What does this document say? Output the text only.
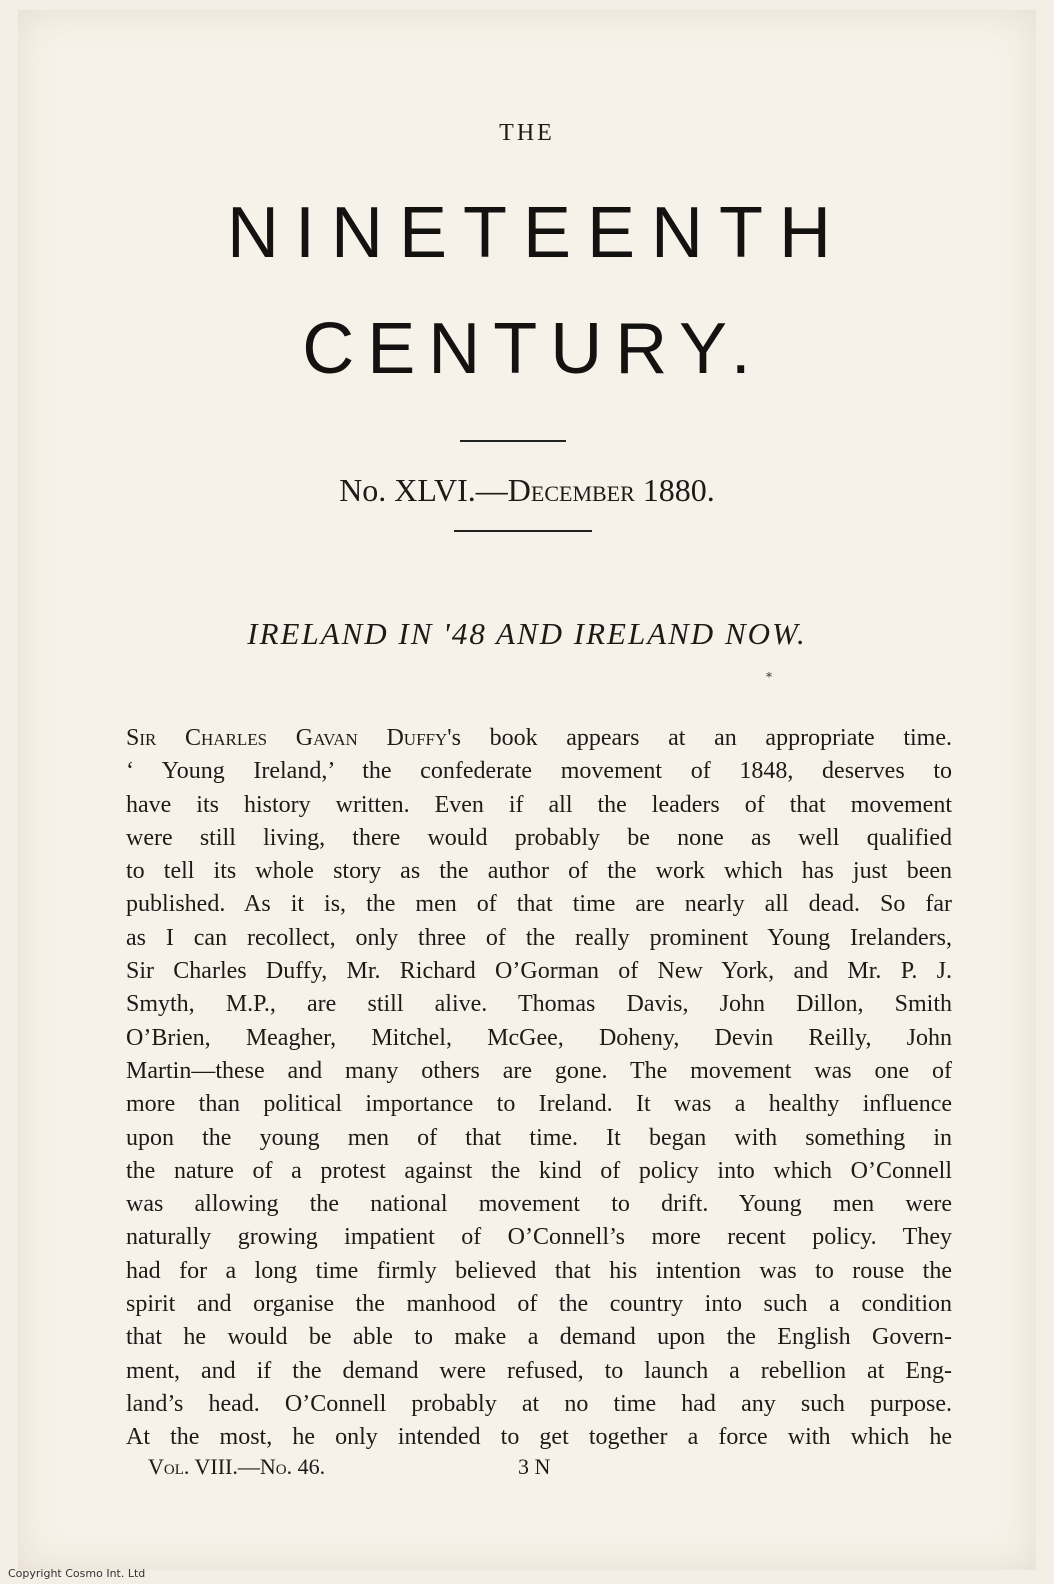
THE
NINETEENTH
CENTURY.
No. XLVI.—December 1880.
IRELAND IN '48 AND IRELAND NOW.
*
Sir Charles Gavan Duffy's book appears at an appropriate time.
‘ Young Ireland,’ the confederate movement of 1848, deserves to
have its history written. Even if all the leaders of that movement
were still living, there would probably be none as well qualified
to tell its whole story as the author of the work which has just been
published. As it is, the men of that time are nearly all dead. So far
as I can recollect, only three of the really prominent Young Irelanders,
Sir Charles Duffy, Mr. Richard O’Gorman of New York, and Mr. P. J.
Smyth, M.P., are still alive. Thomas Davis, John Dillon, Smith
O’Brien, Meagher, Mitchel, McGee, Doheny, Devin Reilly, John
Martin—these and many others are gone. The movement was one of
more than political importance to Ireland. It was a healthy influence
upon the young men of that time. It began with something in
the nature of a protest against the kind of policy into which O’Connell
was allowing the national movement to drift. Young men were
naturally growing impatient of O’Connell’s more recent policy. They
had for a long time firmly believed that his intention was to rouse the
spirit and organise the manhood of the country into such a condition
that he would be able to make a demand upon the English Govern-
ment, and if the demand were refused, to launch a rebellion at Eng-
land’s head. O’Connell probably at no time had any such purpose.
At the most, he only intended to get together a force with which he
Vol. VIII.—No. 46.	3 N
Copyright Cosmo Int. Ltd
